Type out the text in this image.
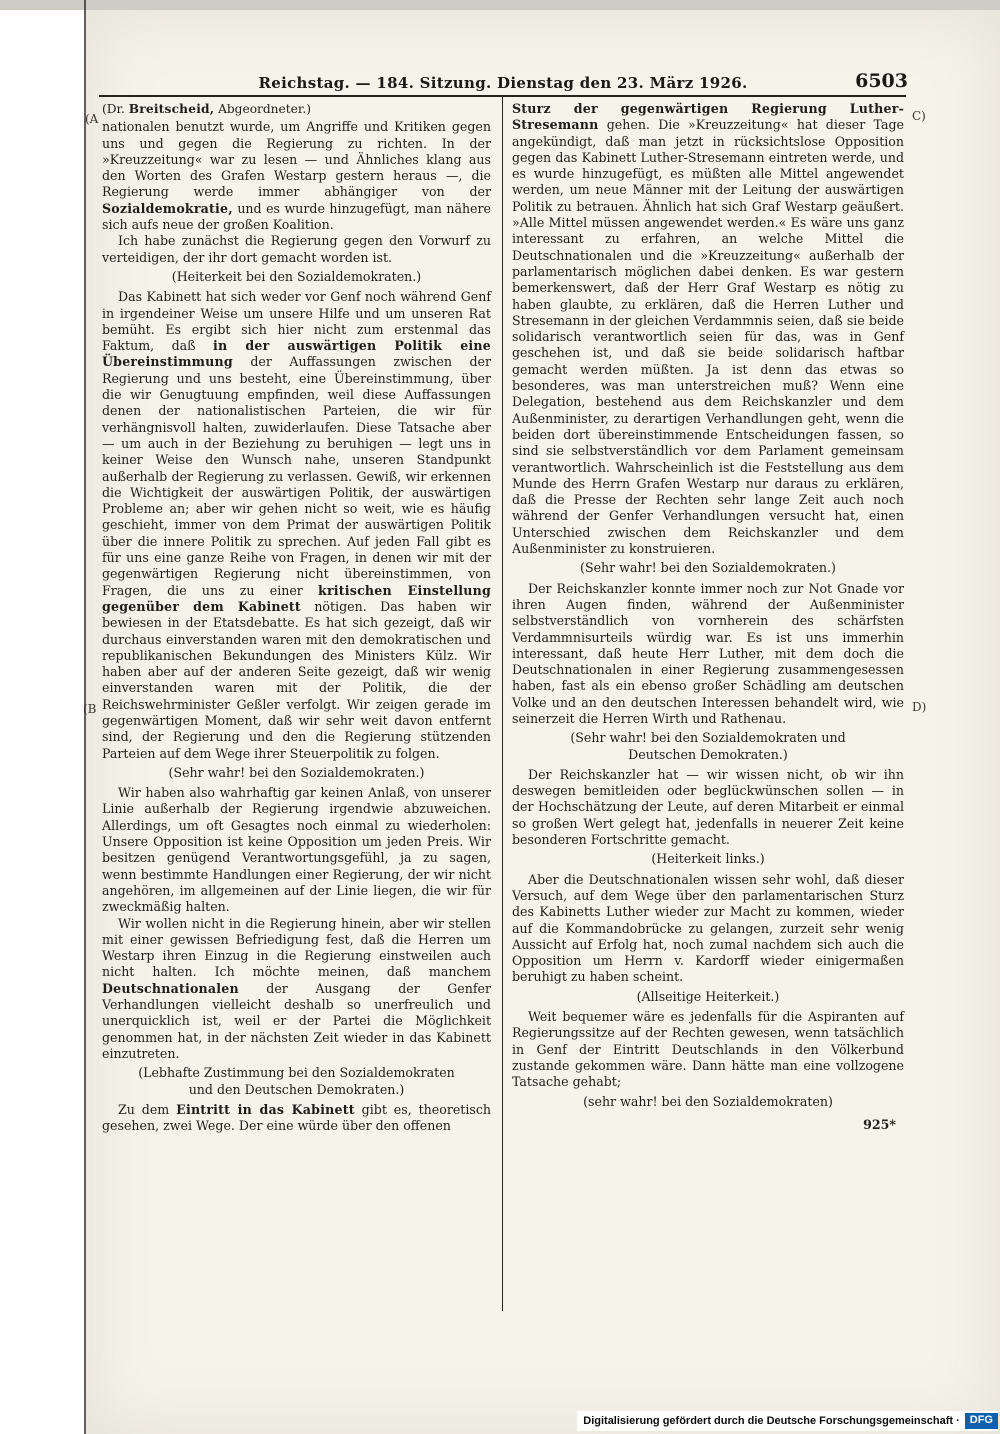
Reichstag. — 184. Sitzung. Dienstag den 23. März 1926.	6503
(A
(B
C)
D)

(Dr. Breitscheid, Abgeordneter.)

nationalen benutzt wurde, um Angriffe und Kritiken gegen uns und gegen die Regierung zu richten. In der »Kreuzzeitung« war zu lesen — und Ähnliches klang aus den Worten des Grafen Westarp gestern heraus —, die Regierung werde immer abhängiger von der Sozialdemokratie, und es wurde hinzugefügt, man nähere sich aufs neue der großen Koalition.

Ich habe zunächst die Regierung gegen den Vorwurf zu verteidigen, der ihr dort gemacht worden ist.

(Heiterkeit bei den Sozialdemokraten.)

Das Kabinett hat sich weder vor Genf noch während Genf in irgendeiner Weise um unsere Hilfe und um unseren Rat bemüht. Es ergibt sich hier nicht zum erstenmal das Faktum, daß in der auswärtigen Politik eine Übereinstimmung der Auffassungen zwischen der Regierung und uns besteht, eine Übereinstimmung, über die wir Genugtuung empfinden, weil diese Auffassungen denen der nationalistischen Parteien, die wir für verhängnisvoll halten, zuwiderlaufen. Diese Tatsache aber — um auch in der Beziehung zu beruhigen — legt uns in keiner Weise den Wunsch nahe, unseren Standpunkt außerhalb der Regierung zu verlassen. Gewiß, wir erkennen die Wichtigkeit der auswärtigen Politik, der auswärtigen Probleme an; aber wir gehen nicht so weit, wie es häufig geschieht, immer von dem Primat der auswärtigen Politik über die innere Politik zu sprechen. Auf jeden Fall gibt es für uns eine ganze Reihe von Fragen, in denen wir mit der gegenwärtigen Regierung nicht übereinstimmen, von Fragen, die uns zu einer kritischen Einstellung gegenüber dem Kabinett nötigen. Das haben wir bewiesen in der Etatsdebatte. Es hat sich gezeigt, daß wir durchaus einverstanden waren mit den demokratischen und republikanischen Bekundungen des Ministers Külz. Wir haben aber auf der anderen Seite gezeigt, daß wir wenig einverstanden waren mit der Politik, die der Reichswehrminister Geßler verfolgt. Wir zeigen gerade im gegenwärtigen Moment, daß wir sehr weit davon entfernt sind, der Regierung und den die Regierung stützenden Parteien auf dem Wege ihrer Steuerpolitik zu folgen.

(Sehr wahr! bei den Sozialdemokraten.)

Wir haben also wahrhaftig gar keinen Anlaß, von unserer Linie außerhalb der Regierung irgendwie abzuweichen. Allerdings, um oft Gesagtes noch einmal zu wiederholen: Unsere Opposition ist keine Opposition um jeden Preis. Wir besitzen genügend Verantwortungsgefühl, ja zu sagen, wenn bestimmte Handlungen einer Regierung, der wir nicht angehören, im allgemeinen auf der Linie liegen, die wir für zweckmäßig halten.

Wir wollen nicht in die Regierung hinein, aber wir stellen mit einer gewissen Befriedigung fest, daß die Herren um Westarp ihren Einzug in die Regierung einstweilen auch nicht halten. Ich möchte meinen, daß manchem Deutschnationalen der Ausgang der Genfer Verhandlungen vielleicht deshalb so unerfreulich und unerquicklich ist, weil er der Partei die Möglichkeit genommen hat, in der nächsten Zeit wieder in das Kabinett einzutreten.

(Lebhafte Zustimmung bei den Sozialdemokraten und den Deutschen Demokraten.)

Zu dem Eintritt in das Kabinett gibt es, theoretisch gesehen, zwei Wege. Der eine würde über den offenen

Sturz der gegenwärtigen Regierung Luther-Stresemann gehen. Die »Kreuzzeitung« hat dieser Tage angekündigt, daß man jetzt in rücksichtslose Opposition gegen das Kabinett Luther-Stresemann eintreten werde, und es wurde hinzugefügt, es müßten alle Mittel angewendet werden, um neue Männer mit der Leitung der auswärtigen Politik zu betrauen. Ähnlich hat sich Graf Westarp geäußert. »Alle Mittel müssen angewendet werden.« Es wäre uns ganz interessant zu erfahren, an welche Mittel die Deutschnationalen und die »Kreuzzeitung« außerhalb der parlamentarisch möglichen dabei denken. Es war gestern bemerkenswert, daß der Herr Graf Westarp es nötig zu haben glaubte, zu erklären, daß die Herren Luther und Stresemann in der gleichen Verdammnis seien, daß sie beide solidarisch verantwortlich seien für das, was in Genf geschehen ist, und daß sie beide solidarisch haftbar gemacht werden müßten. Ja ist denn das etwas so besonderes, was man unterstreichen muß? Wenn eine Delegation, bestehend aus dem Reichskanzler und dem Außenminister, zu derartigen Verhandlungen geht, wenn die beiden dort übereinstimmende Entscheidungen fassen, so sind sie selbstverständlich vor dem Parlament gemeinsam verantwortlich. Wahrscheinlich ist die Feststellung aus dem Munde des Herrn Grafen Westarp nur daraus zu erklären, daß die Presse der Rechten sehr lange Zeit auch noch während der Genfer Verhandlungen versucht hat, einen Unterschied zwischen dem Reichskanzler und dem Außenminister zu konstruieren.

(Sehr wahr! bei den Sozialdemokraten.)

Der Reichskanzler konnte immer noch zur Not Gnade vor ihren Augen finden, während der Außenminister selbstverständlich von vornherein des schärfsten Verdammnisurteils würdig war. Es ist uns immerhin interessant, daß heute Herr Luther, mit dem doch die Deutschnationalen in einer Regierung zusammengesessen haben, fast als ein ebenso großer Schädling am deutschen Volke und an den deutschen Interessen behandelt wird, wie seinerzeit die Herren Wirth und Rathenau.

(Sehr wahr! bei den Sozialdemokraten und Deutschen Demokraten.)

Der Reichskanzler hat — wir wissen nicht, ob wir ihn deswegen bemitleiden oder beglückwünschen sollen — in der Hochschätzung der Leute, auf deren Mitarbeit er einmal so großen Wert gelegt hat, jedenfalls in neuerer Zeit keine besonderen Fortschritte gemacht.

(Heiterkeit links.)

Aber die Deutschnationalen wissen sehr wohl, daß dieser Versuch, auf dem Wege über den parlamentarischen Sturz des Kabinetts Luther wieder zur Macht zu kommen, wieder auf die Kommandobrücke zu gelangen, zurzeit sehr wenig Aussicht auf Erfolg hat, noch zumal nachdem sich auch die Opposition um Herrn v. Kardorff wieder einigermaßen beruhigt zu haben scheint.

(Allseitige Heiterkeit.)

Weit bequemer wäre es jedenfalls für die Aspiranten auf Regierungssitze auf der Rechten gewesen, wenn tatsächlich in Genf der Eintritt Deutschlands in den Völkerbund zustande gekommen wäre. Dann hätte man eine vollzogene Tatsache gehabt;

(sehr wahr! bei den Sozialdemokraten)

925*

Digitalisierung gefördert durch die Deutsche Forschungsgemeinschaft · DFG
